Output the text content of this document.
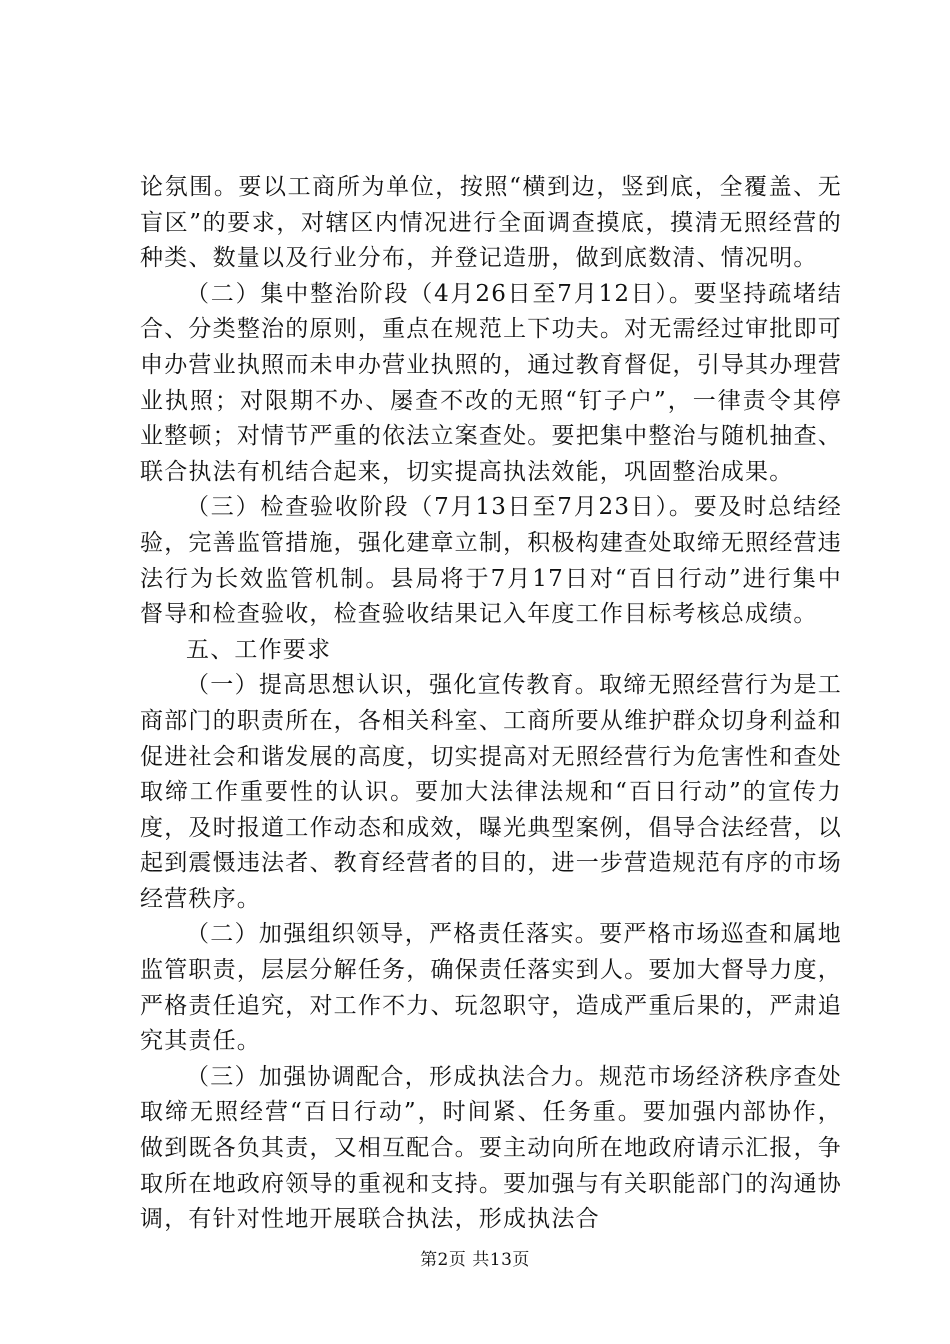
论氛围。要以工商所为单位，按照“横到边，竖到底，全覆盖、无盲区”的要求，对辖区内情况进行全面调查摸底，摸清无照经营的种类、数量以及行业分布，并登记造册，做到底数清、情况明。

（二）集中整治阶段（4月26日至7月12日）。要坚持疏堵结合、分类整治的原则，重点在规范上下功夫。对无需经过审批即可申办营业执照而未申办营业执照的，通过教育督促，引导其办理营业执照；对限期不办、屡查不改的无照“钉子户”，一律责令其停业整顿；对情节严重的依法立案查处。要把集中整治与随机抽查、联合执法有机结合起来，切实提高执法效能，巩固整治成果。

（三）检查验收阶段（7月13日至7月23日）。要及时总结经验，完善监管措施，强化建章立制，积极构建查处取缔无照经营违法行为长效监管机制。县局将于7月17日对“百日行动”进行集中督导和检查验收，检查验收结果记入年度工作目标考核总成绩。

五、工作要求

（一）提高思想认识，强化宣传教育。取缔无照经营行为是工商部门的职责所在，各相关科室、工商所要从维护群众切身利益和促进社会和谐发展的高度，切实提高对无照经营行为危害性和查处取缔工作重要性的认识。要加大法律法规和“百日行动”的宣传力度，及时报道工作动态和成效，曝光典型案例，倡导合法经营，以起到震慑违法者、教育经营者的目的，进一步营造规范有序的市场经营秩序。

（二）加强组织领导，严格责任落实。要严格市场巡查和属地监管职责，层层分解任务，确保责任落实到人。要加大督导力度，严格责任追究，对工作不力、玩忽职守，造成严重后果的，严肃追究其责任。

（三）加强协调配合，形成执法合力。规范市场经济秩序查处取缔无照经营“百日行动”，时间紧、任务重。要加强内部协作，做到既各负其责，又相互配合。要主动向所在地政府请示汇报，争取所在地政府领导的重视和支持。要加强与有关职能部门的沟通协调，有针对性地开展联合执法，形成执法合

第2页 共13页
